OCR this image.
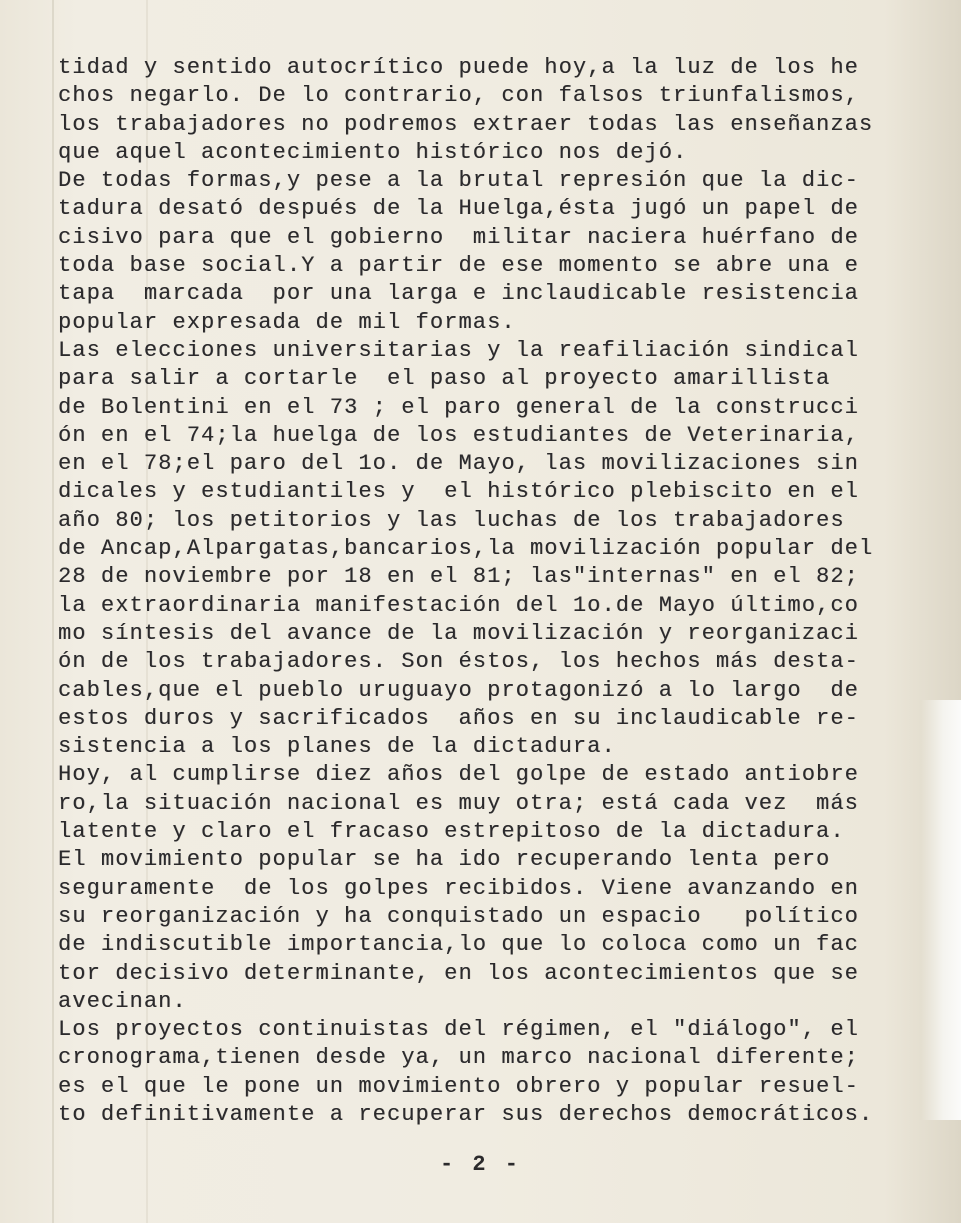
tidad y sentido autocrítico puede hoy,a la luz de los he
chos negarlo. De lo contrario, con falsos triunfalismos,
los trabajadores no podremos extraer todas las enseñanzas
que aquel acontecimiento histórico nos dejó.
De todas formas,y pese a la brutal represión que la dic-
tadura desató después de la Huelga,ésta jugó un papel de
cisivo para que el gobierno  militar naciera huérfano de
toda base social.Y a partir de ese momento se abre una e
tapa  marcada  por una larga e inclaudicable resistencia
popular expresada de mil formas.
Las elecciones universitarias y la reafiliación sindical
para salir a cortarle  el paso al proyecto amarillista
de Bolentini en el 73 ; el paro general de la construcci
ón en el 74;la huelga de los estudiantes de Veterinaria,
en el 78;el paro del 1o. de Mayo, las movilizaciones sin
dicales y estudiantiles y  el histórico plebiscito en el
año 80; los petitorios y las luchas de los trabajadores
de Ancap,Alpargatas,bancarios,la movilización popular del
28 de noviembre por 18 en el 81; las"internas" en el 82;
la extraordinaria manifestación del 1o.de Mayo último,co
mo síntesis del avance de la movilización y reorganizaci
ón de los trabajadores. Son éstos, los hechos más desta-
cables,que el pueblo uruguayo protagonizó a lo largo  de
estos duros y sacrificados  años en su inclaudicable re-
sistencia a los planes de la dictadura.
Hoy, al cumplirse diez años del golpe de estado antiobre
ro,la situación nacional es muy otra; está cada vez  más
latente y claro el fracaso estrepitoso de la dictadura.
El movimiento popular se ha ido recuperando lenta pero
seguramente  de los golpes recibidos. Viene avanzando en
su reorganización y ha conquistado un espacio   político
de indiscutible importancia,lo que lo coloca como un fac
tor decisivo determinante, en los acontecimientos que se
avecinan.
Los proyectos continuistas del régimen, el "diálogo", el
cronograma,tienen desde ya, un marco nacional diferente;
es el que le pone un movimiento obrero y popular resuel-
to definitivamente a recuperar sus derechos democráticos.
- 2 -
